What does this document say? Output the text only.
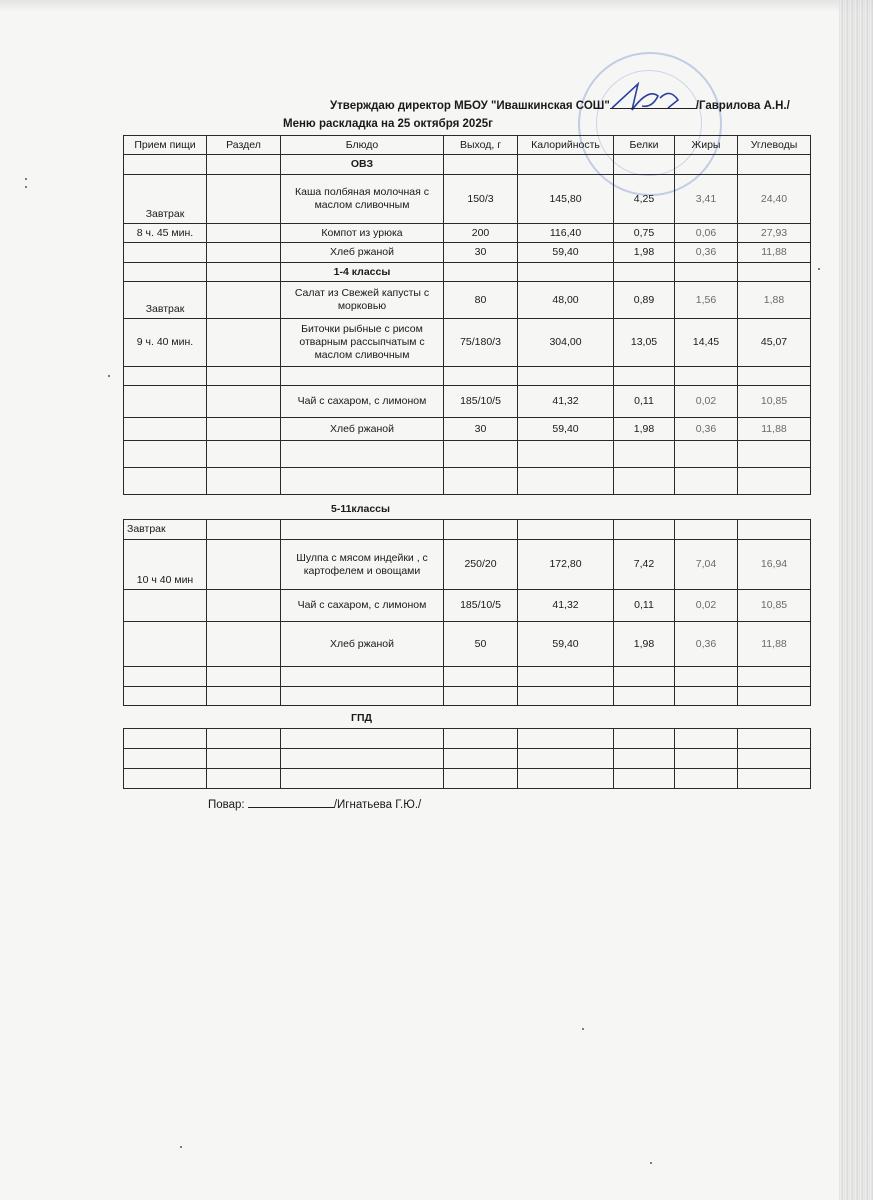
Утверждаю директор МБОУ "Ивашкинская СОШ"	/Гаврилова А.Н./
Меню раскладка на 25 октября 2025г
Прием пищи	Раздел	Блюдо	Выход, г	Калорийность	Белки	Жиры	Углеводы
		ОВЗ					
Завтрак		Каша полбяная молочная с маслом сливочным	150/3	145,80	4,25	3,41	24,40
8 ч. 45 мин.		Компот из урюка	200	116,40	0,75	0,06	27,93
		Хлеб ржаной	30	59,40	1,98	0,36	11,88
		1-4 классы					
Завтрак		Салат из Свежей капусты с морковью	80	48,00	0,89	1,56	1,88
9 ч. 40 мин.		Биточки рыбные с рисом отварным рассыпчатым с маслом сливочным	75/180/3	304,00	13,05	14,45	45,07

		Чай с сахаром, с лимоном	185/10/5	41,32	0,11	0,02	10,85
		Хлеб ржаной	30	59,40	1,98	0,36	11,88

5-11классы
Завтрак							
10 ч 40 мин		Шулпа с мясом индейки , с картофелем и овощами	250/20	172,80	7,42	7,04	16,94
		Чай с сахаром, с лимоном	185/10/5	41,32	0,11	0,02	10,85
		Хлеб ржаной	50	59,40	1,98	0,36	11,88

ГПД

Повар:	/Игнатьева Г.Ю./
